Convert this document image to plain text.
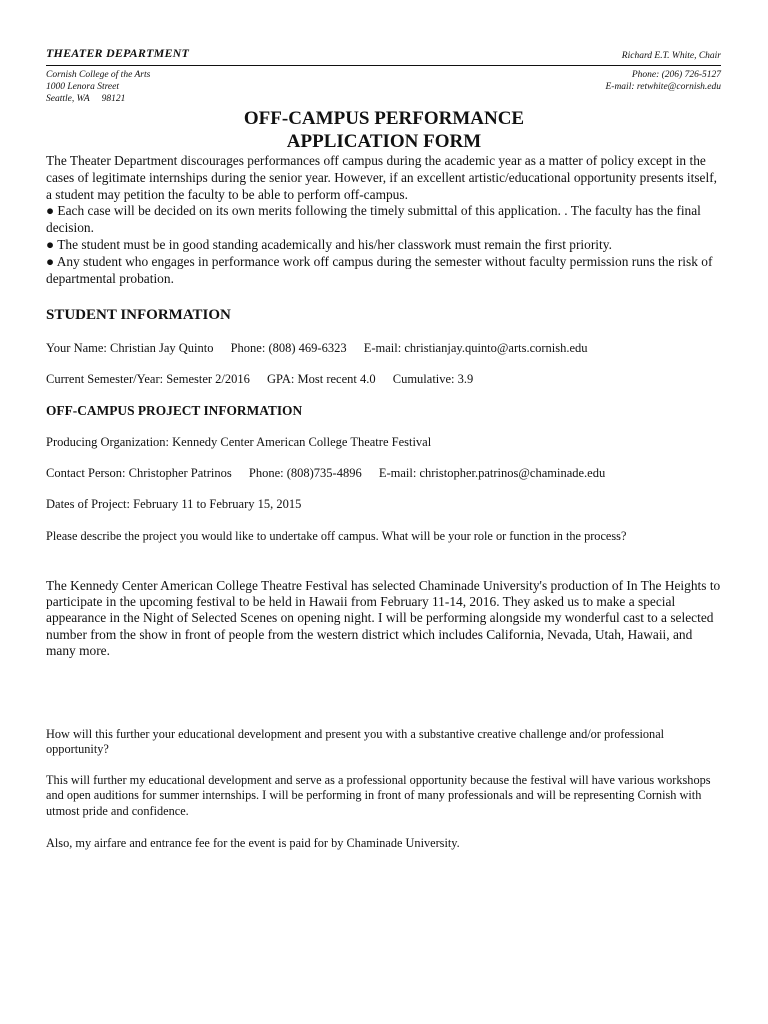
THEATER DEPARTMENT	Richard E.T. White, Chair
Cornish College of the Arts
1000 Lenora Street
Seattle, WA 98121
Phone: (206) 726-5127
E-mail: retwhite@cornish.edu
OFF-CAMPUS PERFORMANCE
APPLICATION FORM

The Theater Department discourages performances off campus during the academic year as a matter of policy except in the cases of legitimate internships during the senior year. However, if an excellent artistic/educational opportunity presents itself, a student may petition the faculty to be able to perform off-campus.

● Each case will be decided on its own merits following the timely submittal of this application. . The faculty has the final decision.

● The student must be in good standing academically and his/her classwork must remain the first priority.

● Any student who engages in performance work off campus during the semester without faculty permission runs the risk of departmental probation.

STUDENT INFORMATION
Your Name: Christian Jay Quinto Phone: (808) 469-6323 E-mail: christianjay.quinto@arts.cornish.edu
Current Semester/Year: Semester 2/2016 GPA: Most recent 4.0 Cumulative: 3.9
OFF-CAMPUS PROJECT INFORMATION
Producing Organization: Kennedy Center American College Theatre Festival
Contact Person: Christopher Patrinos Phone: (808)735-4896 E-mail: christopher.patrinos@chaminade.edu
Dates of Project: February 11 to February 15, 2015
Please describe the project you would like to undertake off campus. What will be your role or function in the process?

The Kennedy Center American College Theatre Festival has selected Chaminade University's production of In The Heights to participate in the upcoming festival to be held in Hawaii from February 11-14, 2016. They asked us to make a special appearance in the Night of Selected Scenes on opening night. I will be performing alongside my wonderful cast to a selected number from the show in front of people from the western district which includes California, Nevada, Utah, Hawaii, and many more.

How will this further your educational development and present you with a substantive creative challenge and/or professional opportunity?

This will further my educational development and serve as a professional opportunity because the festival will have various workshops and open auditions for summer internships. I will be performing in front of many professionals and will be representing Cornish with utmost pride and confidence.

Also, my airfare and entrance fee for the event is paid for by Chaminade University.
